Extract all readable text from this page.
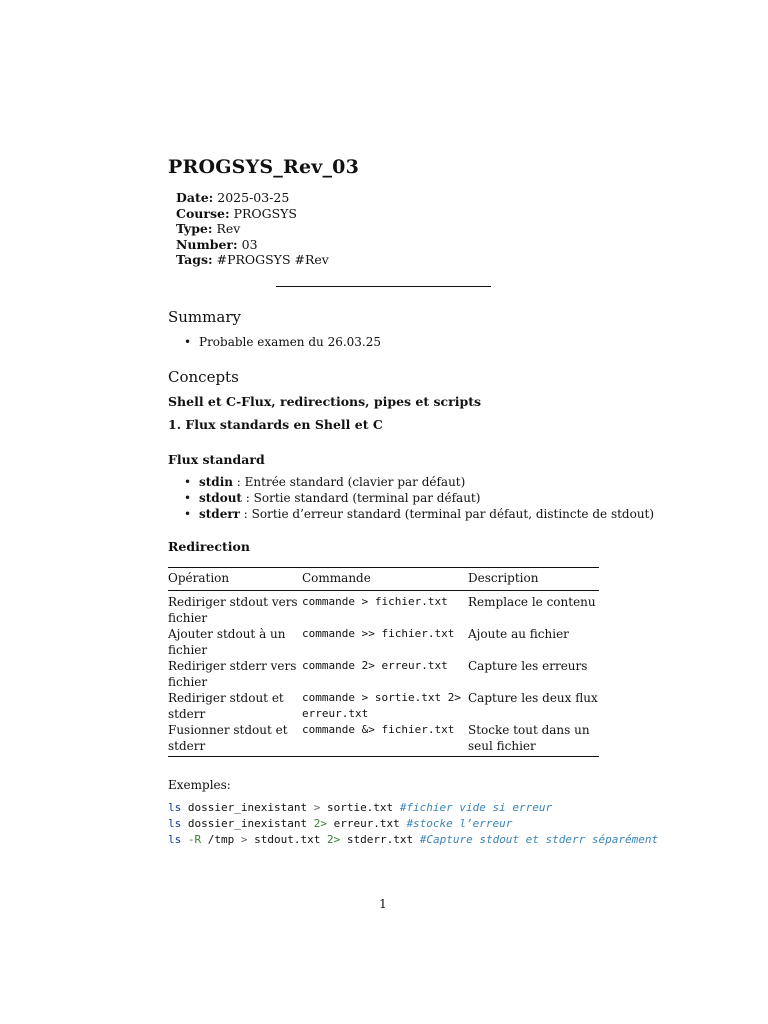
PROGSYS_Rev_03
Date: 2025-03-25
Course: PROGSYS
Type: Rev
Number: 03
Tags: #PROGSYS #Rev
Summary
• Probable examen du 26.03.25
Concepts
Shell et C-Flux, redirections, pipes et scripts
1. Flux standards en Shell et C
Flux standard
• stdin : Entrée standard (clavier par défaut)
• stdout : Sortie standard (terminal par défaut)
• stderr : Sortie d’erreur standard (terminal par défaut, distincte de stdout)
Redirection
Opération	Commande	Description
Rediriger stdout vers fichier	commande > fichier.txt	Remplace le contenu
Ajouter stdout à un fichier	commande >> fichier.txt	Ajoute au fichier
Rediriger stderr vers fichier	commande 2> erreur.txt	Capture les erreurs
Rediriger stdout et stderr	commande > sortie.txt 2> erreur.txt	Capture les deux flux
Fusionner stdout et stderr	commande &> fichier.txt	Stocke tout dans un seul fichier
Exemples:
ls dossier_inexistant > sortie.txt #fichier vide si erreur
ls dossier_inexistant 2> erreur.txt #stocke l’erreur
ls -R /tmp > stdout.txt 2> stderr.txt #Capture stdout et stderr séparément
1
